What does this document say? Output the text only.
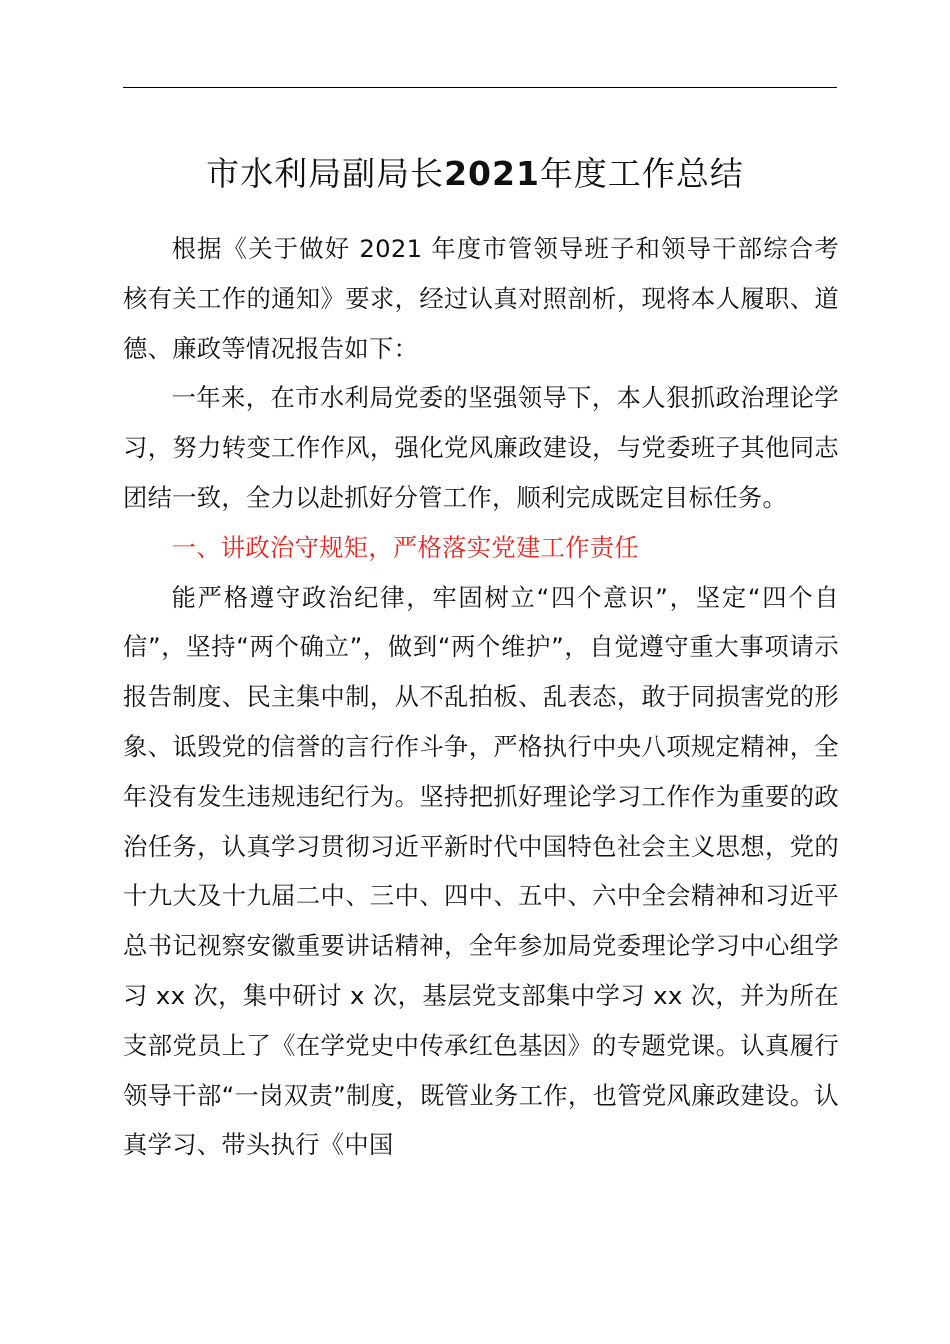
市水利局副局长2021年度工作总结

根据《关于做好 2021 年度市管领导班子和领导干部综合考核有关工作的通知》要求，经过认真对照剖析，现将本人履职、道德、廉政等情况报告如下：

一年来，在市水利局党委的坚强领导下，本人狠抓政治理论学习，努力转变工作作风，强化党风廉政建设，与党委班子其他同志团结一致，全力以赴抓好分管工作，顺利完成既定目标任务。

一、讲政治守规矩，严格落实党建工作责任

能严格遵守政治纪律，牢固树立“四个意识”，坚定“四个自信”，坚持“两个确立”，做到“两个维护”，自觉遵守重大事项请示报告制度、民主集中制，从不乱拍板、乱表态，敢于同损害党的形象、诋毁党的信誉的言行作斗争，严格执行中央八项规定精神，全年没有发生违规违纪行为。坚持把抓好理论学习工作作为重要的政治任务，认真学习贯彻习近平新时代中国特色社会主义思想，党的十九大及十九届二中、三中、四中、五中、六中全会精神和习近平总书记视察安徽重要讲话精神，全年参加局党委理论学习中心组学习 xx 次，集中研讨 x 次，基层党支部集中学习 xx 次，并为所在支部党员上了《在学党史中传承红色基因》的专题党课。认真履行领导干部“一岗双责”制度，既管业务工作，也管党风廉政建设。认真学习、带头执行《中国
